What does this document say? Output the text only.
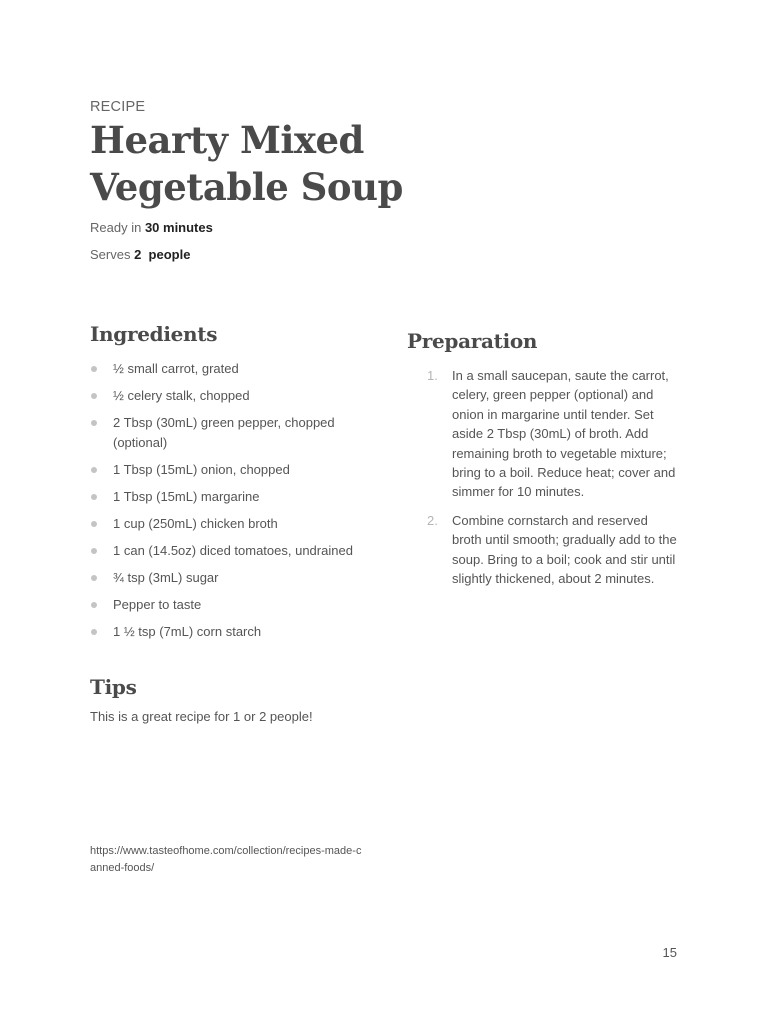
RECIPE
Hearty Mixed Vegetable Soup
Ready in 30 minutes
Serves 2  people
Ingredients
½ small carrot, grated
½ celery stalk, chopped
2 Tbsp (30mL) green pepper, chopped (optional)
1 Tbsp (15mL) onion, chopped
1 Tbsp (15mL) margarine
1 cup (250mL) chicken broth
1 can (14.5oz) diced tomatoes, undrained
¾ tsp (3mL) sugar
Pepper to taste
1 ½ tsp (7mL) corn starch
Preparation
1. In a small saucepan, saute the carrot, celery, green pepper (optional) and onion in margarine until tender. Set aside 2 Tbsp (30mL) of broth. Add remaining broth to vegetable mixture; bring to a boil. Reduce heat; cover and simmer for 10 minutes.
2. Combine cornstarch and reserved broth until smooth; gradually add to the soup. Bring to a boil; cook and stir until slightly thickened, about 2 minutes.
Tips
This is a great recipe for 1 or 2 people!
https://www.tasteofhome.com/collection/recipes-made-canned-foods/
15
